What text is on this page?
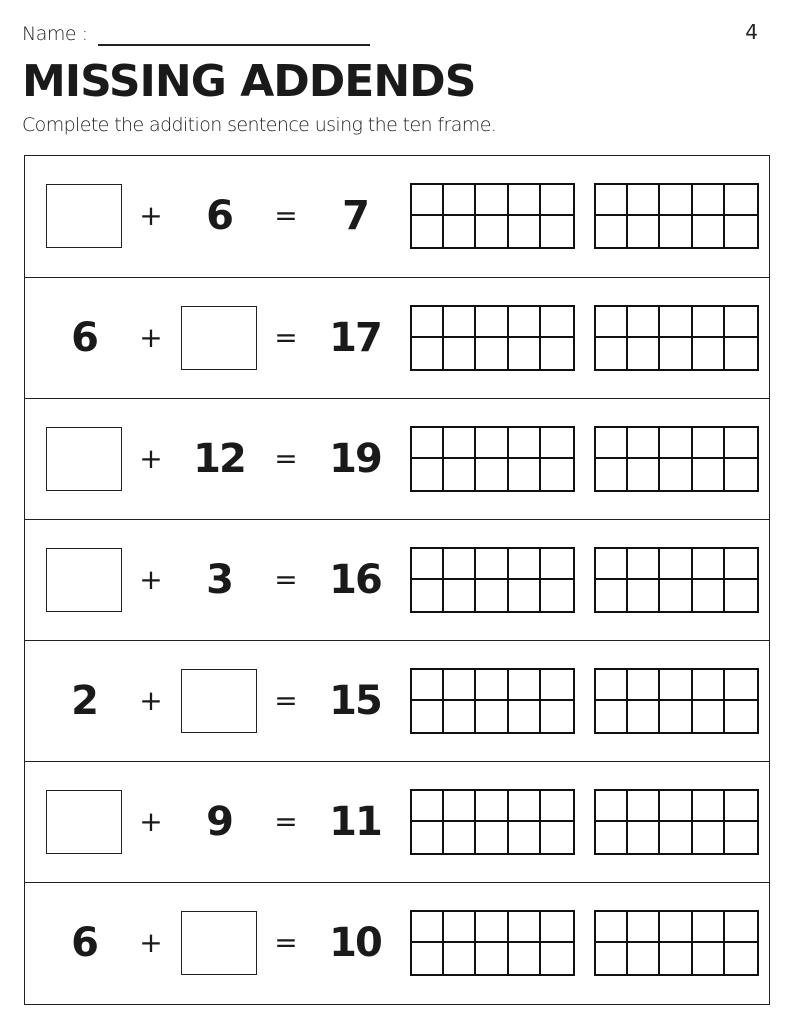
Name :	4
MISSING ADDENDS
Complete the addition sentence using the ten frame.
+ 6 = 7
6 +	= 17
+ 12 = 19
+ 3 = 16
2 +	= 15
+ 9 = 11
6 +	= 10
